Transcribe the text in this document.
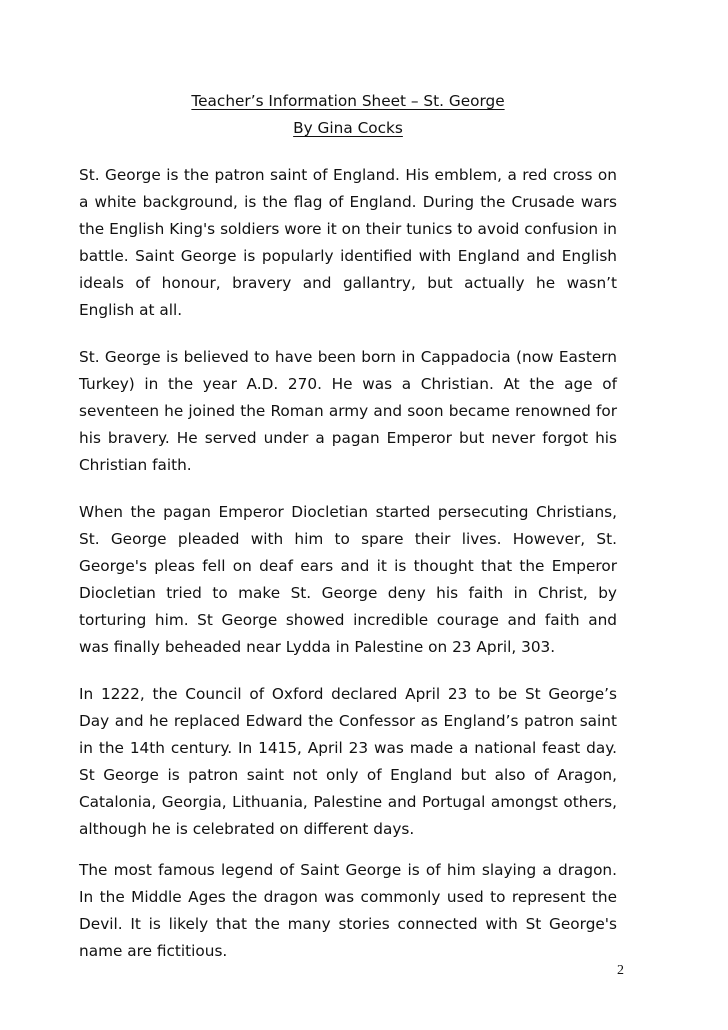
Teacher’s Information Sheet – St. George

By Gina Cocks

St. George is the patron saint of England. His emblem, a red cross on a white background, is the flag of England. During the Crusade wars the English King's soldiers wore it on their tunics to avoid confusion in battle. Saint George is popularly identified with England and English ideals of honour, bravery and gallantry, but actually he wasn’t English at all.

St. George is believed to have been born in Cappadocia (now Eastern Turkey) in the year A.D. 270. He was a Christian. At the age of seventeen he joined the Roman army and soon became renowned for his bravery. He served under a pagan Emperor but never forgot his Christian faith.

When the pagan Emperor Diocletian started persecuting Christians, St. George pleaded with him to spare their lives. However, St. George's pleas fell on deaf ears and it is thought that the Emperor Diocletian tried to make St. George deny his faith in Christ, by torturing him. St George showed incredible courage and faith and was finally beheaded near Lydda in Palestine on 23 April, 303.

In 1222, the Council of Oxford declared April 23 to be St George’s Day and he replaced Edward the Confessor as England’s patron saint in the 14th century. In 1415, April 23 was made a national feast day. St George is patron saint not only of England but also of Aragon, Catalonia, Georgia, Lithuania, Palestine and Portugal amongst others, although he is celebrated on different days.

The most famous legend of Saint George is of him slaying a dragon. In the Middle Ages the dragon was commonly used to represent the Devil. It is likely that the many stories connected with St George's name are fictitious.

2
